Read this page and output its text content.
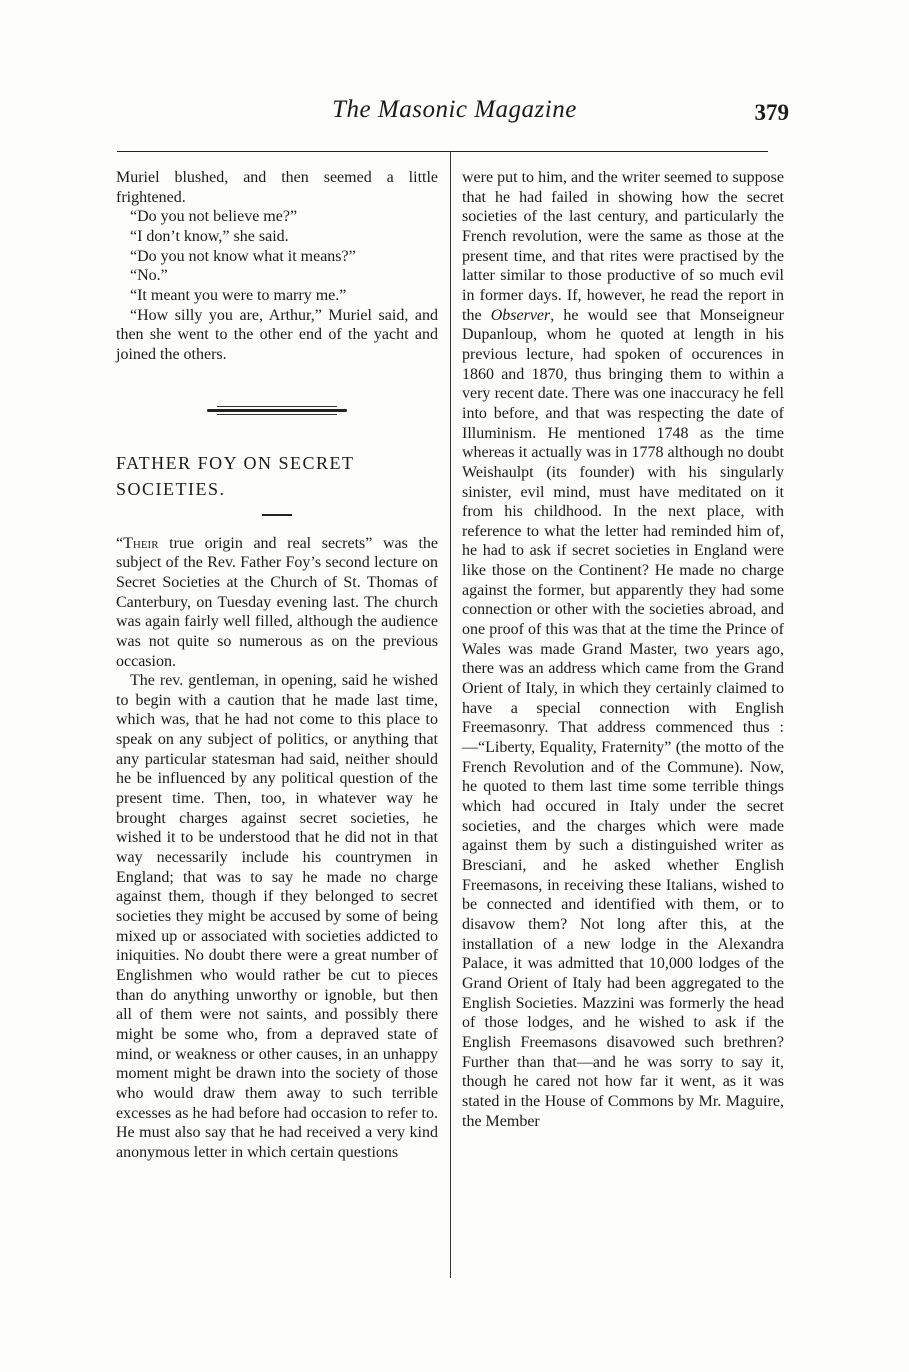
The Masonic Magazine	379

Muriel blushed, and then seemed a little frightened.

“Do you not believe me?”

“I don’t know,” she said.

“Do you not know what it means?”

“No.”

“It meant you were to marry me.”

“How silly you are, Arthur,” Muriel said, and then she went to the other end of the yacht and joined the others.

FATHER FOY ON SECRET

SOCIETIES.

“Their true origin and real secrets” was the subject of the Rev. Father Foy’s second lecture on Secret Societies at the Church of St. Thomas of Canterbury, on Tuesday evening last. The church was again fairly well filled, although the audience was not quite so numerous as on the previous occasion.

The rev. gentleman, in opening, said he wished to begin with a caution that he made last time, which was, that he had not come to this place to speak on any subject of politics, or anything that any particular statesman had said, neither should he be influenced by any political question of the present time. Then, too, in whatever way he brought charges against secret societies, he wished it to be understood that he did not in that way necessarily include his countrymen in England; that was to say he made no charge against them, though if they belonged to secret societies they might be accused by some of being mixed up or associated with societies addicted to iniquities. No doubt there were a great number of Englishmen who would rather be cut to pieces than do anything unworthy or ignoble, but then all of them were not saints, and possibly there might be some who, from a depraved state of mind, or weakness or other causes, in an unhappy moment might be drawn into the society of those who would draw them away to such terrible excesses as he had before had occasion to refer to. He must also say that he had received a very kind anonymous letter in which certain questions

were put to him, and the writer seemed to suppose that he had failed in showing how the secret societies of the last century, and particularly the French revolution, were the same as those at the present time, and that rites were practised by the latter similar to those productive of so much evil in former days. If, however, he read the report in the Observer, he would see that Monseigneur Dupanloup, whom he quoted at length in his previous lecture, had spoken of occurences in 1860 and 1870, thus bringing them to within a very recent date. There was one inaccuracy he fell into before, and that was respecting the date of Illuminism. He mentioned 1748 as the time whereas it actually was in 1778 although no doubt Weishaulpt (its founder) with his singularly sinister, evil mind, must have meditated on it from his childhood. In the next place, with reference to what the letter had reminded him of, he had to ask if secret societies in England were like those on the Continent? He made no charge against the former, but apparently they had some connection or other with the societies abroad, and one proof of this was that at the time the Prince of Wales was made Grand Master, two years ago, there was an address which came from the Grand Orient of Italy, in which they certainly claimed to have a special connection with English Freemasonry. That address commenced thus :—“Liberty, Equality, Fraternity” (the motto of the French Revolution and of the Commune). Now, he quoted to them last time some terrible things which had occured in Italy under the secret societies, and the charges which were made against them by such a distinguished writer as Bresciani, and he asked whether English Freemasons, in receiving these Italians, wished to be connected and identified with them, or to disavow them? Not long after this, at the installation of a new lodge in the Alexandra Palace, it was admitted that 10,000 lodges of the Grand Orient of Italy had been aggregated to the English Societies. Mazzini was formerly the head of those lodges, and he wished to ask if the English Freemasons disavowed such brethren? Further than that—and he was sorry to say it, though he cared not how far it went, as it was stated in the House of Commons by Mr. Maguire, the Member
